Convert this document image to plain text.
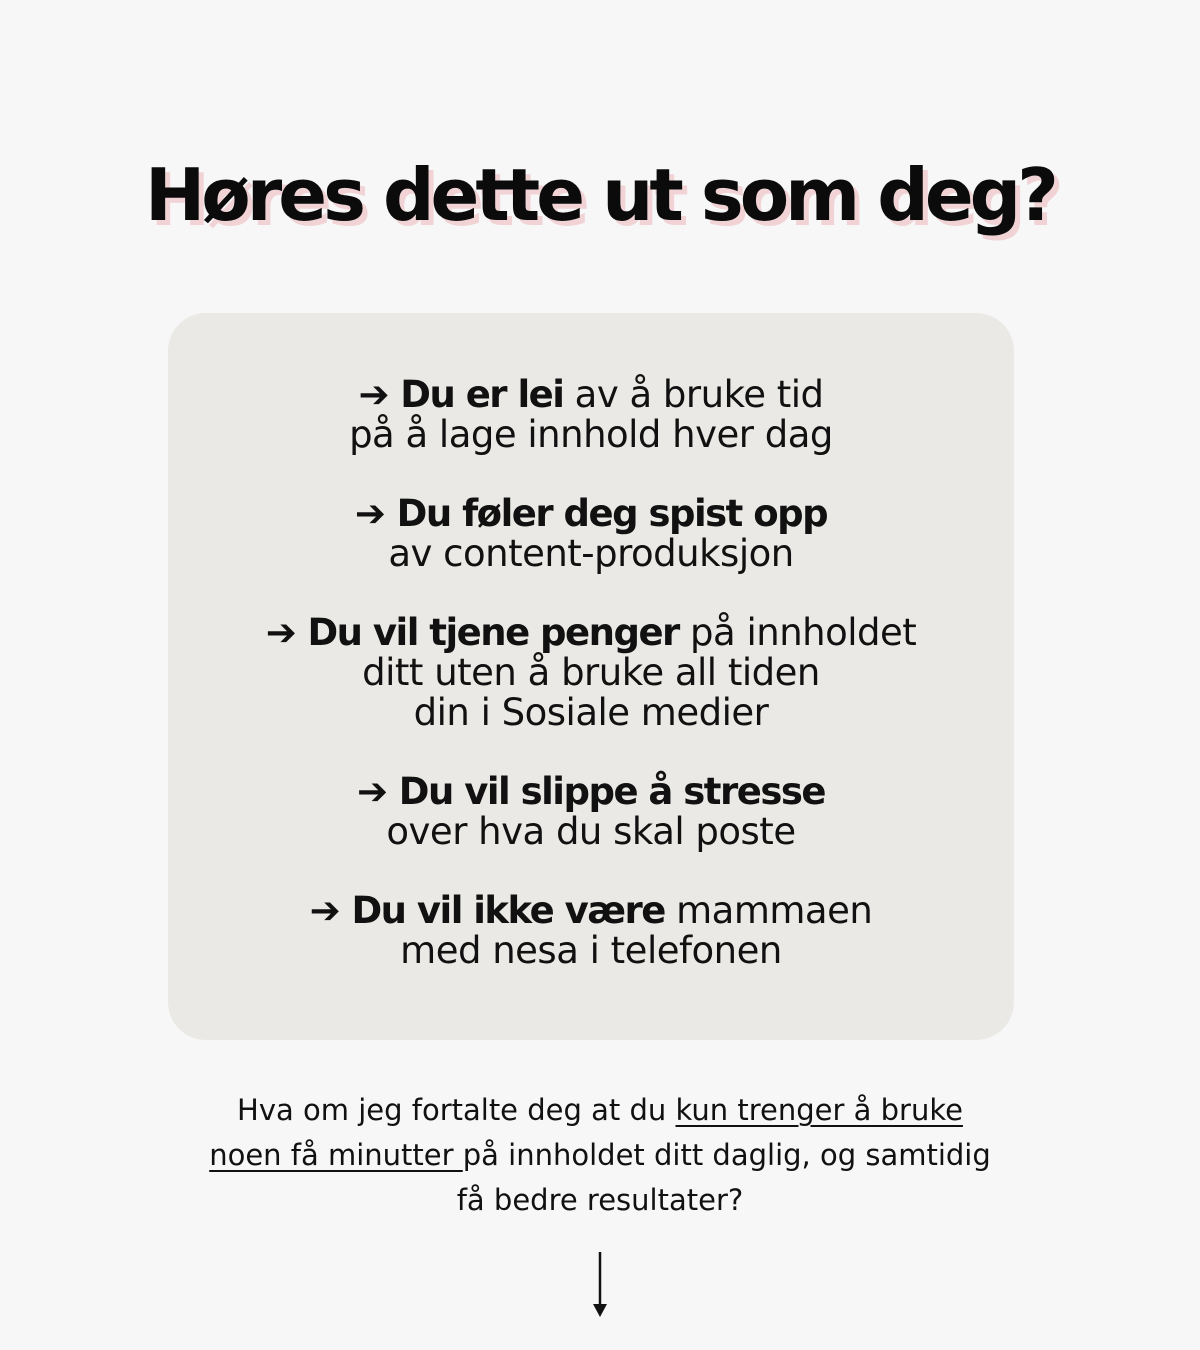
Høres dette ut som deg?

➔ Du er lei av å bruke tid
på å lage innhold hver dag

➔ Du føler deg spist opp
av content-produksjon

➔ Du vil tjene penger på innholdet
ditt uten å bruke all tiden
din i Sosiale medier

➔ Du vil slippe å stresse
over hva du skal poste

➔ Du vil ikke være mammaen
med nesa i telefonen

Hva om jeg fortalte deg at du kun trenger å bruke
noen få minutter på innholdet ditt daglig, og samtidig
få bedre resultater?
